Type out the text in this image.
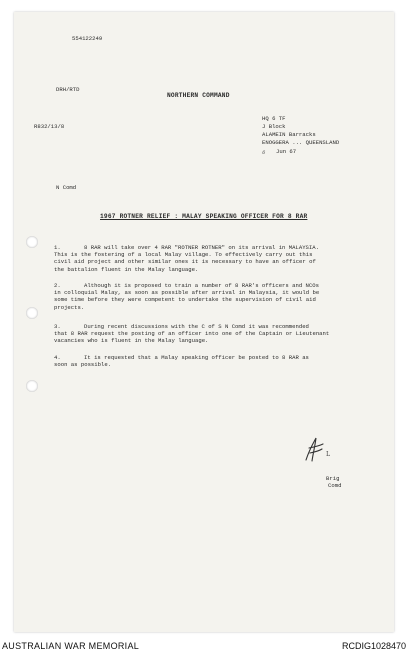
554122249
DRH/RTD
NORTHERN COMMAND
R832/13/8
HQ 6 TF
J Block
ALAMEIN Barracks
ENOGGERA ... QUEENSLAND
6 Jun 67
N Comd
1967 ROTNER RELIEF : MALAY SPEAKING OFFICER FOR 8 RAR
1.	8 RAR will take over 4 RAR "ROTNER ROTNER" on its arrival in MALAYSIA.
This is the fostering of a local Malay village. To effectively carry out this
civil aid project and other similar ones it is necessary to have an officer of
the battalion fluent in the Malay language.
2.	Although it is proposed to train a number of 8 RAR's officers and NCOs
in colloquial Malay, as soon as possible after arrival in Malaysia, it would be
some time before they were competent to undertake the supervision of civil aid
projects.
3.	During recent discussions with the C of S N Comd it was recommended
that 8 RAR request the posting of an officer into one of the Captain or Lieutenant
vacancies who is fluent in the Malay language.
4.	It is requested that a Malay speaking officer be posted to 8 RAR as
soon as possible.
L
Brig
Comd
AUSTRALIAN WAR MEMORIAL	RCDIG1028470
